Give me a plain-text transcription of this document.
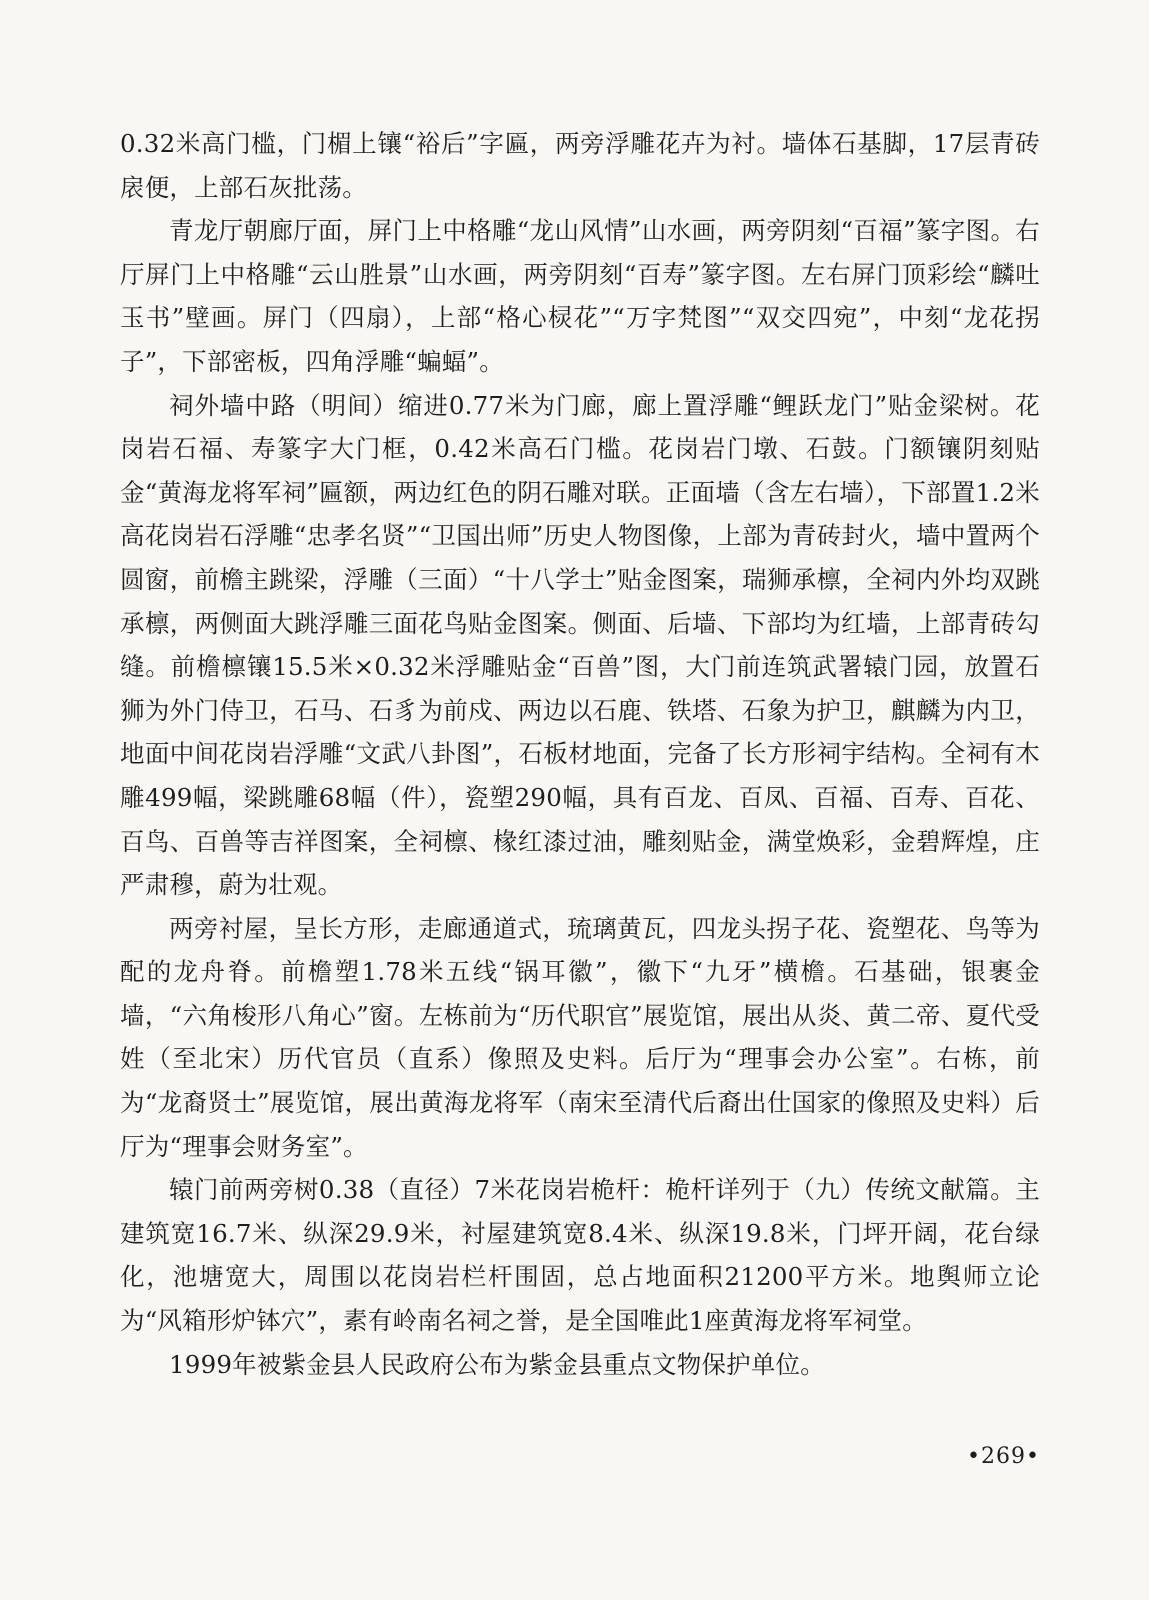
0.32米高门槛，门楣上镶“裕后”字匾，两旁浮雕花卉为衬。墙体石基脚，17层青砖扆便，上部石灰批荡。

青龙厅朝廊厅面，屏门上中格雕“龙山风情”山水画，两旁阴刻“百福”篆字图。右厅屏门上中格雕“云山胜景”山水画，两旁阴刻“百寿”篆字图。左右屏门顶彩绘“麟吐玉书”壁画。屏门（四扇），上部“格心棂花”“万字梵图”“双交四宛”，中刻“龙花拐子”，下部密板，四角浮雕“蝙蝠”。

祠外墙中路（明间）缩进0.77米为门廊，廊上置浮雕“鲤跃龙门”贴金梁树。花岗岩石福、寿篆字大门框，0.42米高石门槛。花岗岩门墩、石鼓。门额镶阴刻贴金“黄海龙将军祠”匾额，两边红色的阴石雕对联。正面墙（含左右墙），下部置1.2米高花岗岩石浮雕“忠孝名贤”“卫国出师”历史人物图像，上部为青砖封火，墙中置两个圆窗，前檐主跳梁，浮雕（三面）“十八学士”贴金图案，瑞狮承檩，全祠内外均双跳承檩，两侧面大跳浮雕三面花鸟贴金图案。侧面、后墙、下部均为红墙，上部青砖勾缝。前檐檩镶15.5米×0.32米浮雕贴金“百兽”图，大门前连筑武署辕门园，放置石狮为外门侍卫，石马、石豸为前戍、两边以石鹿、铁塔、石象为护卫，麒麟为内卫，地面中间花岗岩浮雕“文武八卦图”，石板材地面，完备了长方形祠宇结构。全祠有木雕499幅，梁跳雕68幅（件），瓷塑290幅，具有百龙、百凤、百福、百寿、百花、百鸟、百兽等吉祥图案，全祠檩、椽红漆过油，雕刻贴金，满堂焕彩，金碧辉煌，庄严肃穆，蔚为壮观。

两旁衬屋，呈长方形，走廊通道式，琉璃黄瓦，四龙头拐子花、瓷塑花、鸟等为配的龙舟脊。前檐塑1.78米五线“锅耳徽”，徽下“九牙”横檐。石基础，银裹金墙，“六角梭形八角心”窗。左栋前为“历代职官”展览馆，展出从炎、黄二帝、夏代受姓（至北宋）历代官员（直系）像照及史料。后厅为“理事会办公室”。右栋，前为“龙裔贤士”展览馆，展出黄海龙将军（南宋至清代后裔出仕国家的像照及史料）后厅为“理事会财务室”。

辕门前两旁树0.38（直径）7米花岗岩桅杆：桅杆详列于（九）传统文献篇。主建筑宽16.7米、纵深29.9米，衬屋建筑宽8.4米、纵深19.8米，门坪开阔，花台绿化，池塘宽大，周围以花岗岩栏杆围固，总占地面积21200平方米。地舆师立论为“风箱形炉钵穴”，素有岭南名祠之誉，是全国唯此1座黄海龙将军祠堂。

1999年被紫金县人民政府公布为紫金县重点文物保护单位。

•269•
